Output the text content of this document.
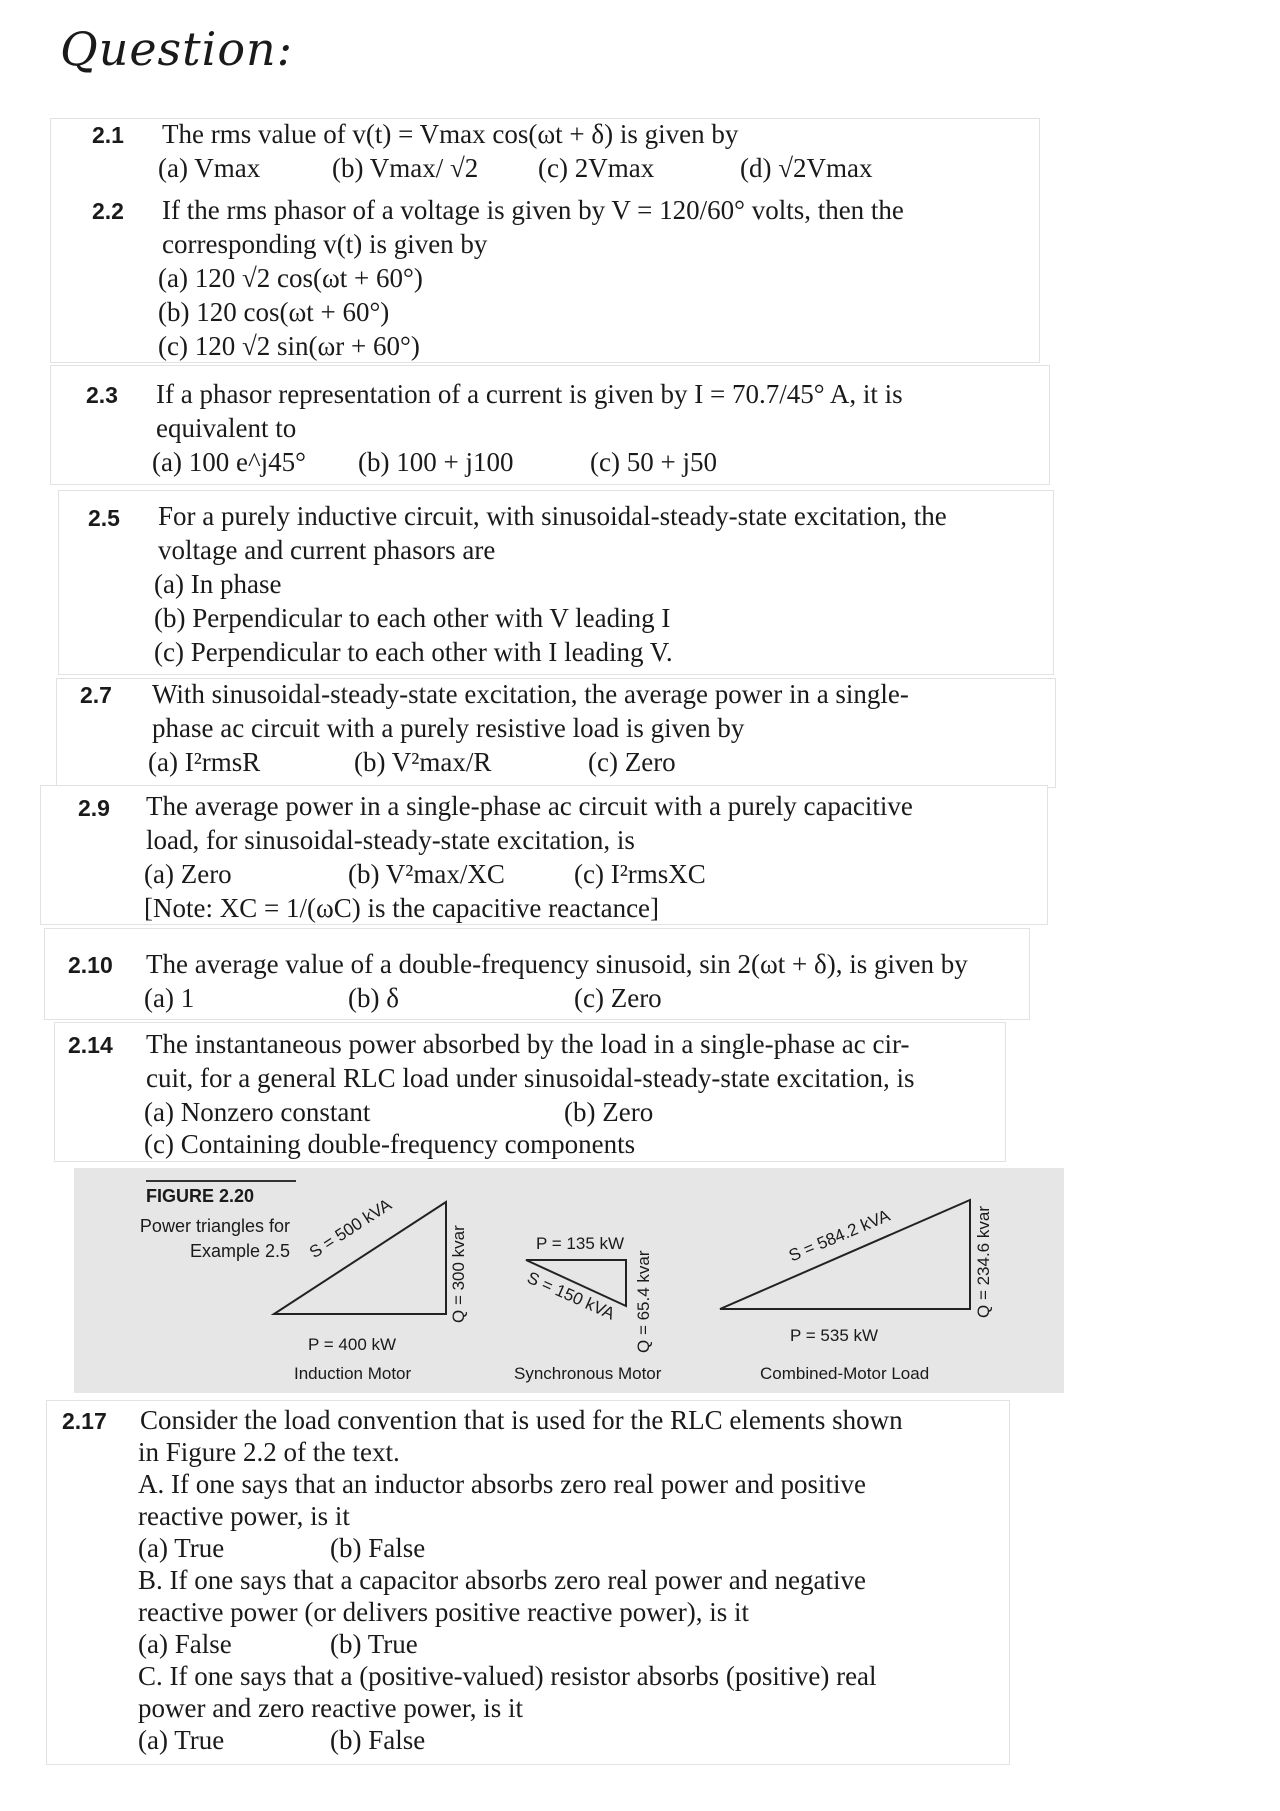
Question:
2.1 The rms value of v(t) = Vmax cos(ωt + δ) is given by
(a) Vmax	(b) Vmax/ √2 (c) 2Vmax	(d) √2Vmax
2.2 If the rms phasor of a voltage is given by V = 120/60° volts, then the
corresponding v(t) is given by
(a) 120 √2 cos(ωt + 60°)
(b) 120 cos(ωt + 60°)
(c) 120 √2 sin(ωr + 60°)
2.3 If a phasor representation of a current is given by I = 70.7/45° A, it is
equivalent to
(a) 100 e^j45° (b) 100 + j100	(c) 50 + j50
2.5 For a purely inductive circuit, with sinusoidal-steady-state excitation, the
voltage and current phasors are
(a) In phase
(b) Perpendicular to each other with V leading I
(c) Perpendicular to each other with I leading V.
2.7 With sinusoidal-steady-state excitation, the average power in a single-
phase ac circuit with a purely resistive load is given by
(a) I²rmsR	(b) V²max/R	(c) Zero
2.9 The average power in a single-phase ac circuit with a purely capacitive
load, for sinusoidal-steady-state excitation, is
(a) Zero	(b) V²max/XC	(c) I²rmsXC
[Note: XC = 1/(ωC) is the capacitive reactance]
2.10 The average value of a double-frequency sinusoid, sin 2(ωt + δ), is given by
(a) 1	(b) δ	(c) Zero
2.14 The instantaneous power absorbed by the load in a single-phase ac cir-
cuit, for a general RLC load under sinusoidal-steady-state excitation, is
(a) Nonzero constant	(b) Zero
(c) Containing double-frequency components
FIGURE 2.20
Power triangles for
Example 2.5 S = 500 kVA	Q = 300 kvar
P = 400 kW
Induction Motor
P = 135 kW
S = 150 kVA Q = 65.4 kvar
Synchronous Motor
S = 584.2 kVA	Q = 234.6 kvar
P = 535 kW
Combined-Motor Load
2.17 Consider the load convention that is used for the RLC elements shown
in Figure 2.2 of the text.
A. If one says that an inductor absorbs zero real power and positive
reactive power, is it
(a) True	(b) False
B. If one says that a capacitor absorbs zero real power and negative
reactive power (or delivers positive reactive power), is it
(a) False	(b) True
C. If one says that a (positive-valued) resistor absorbs (positive) real
power and zero reactive power, is it
(a) True	(b) False
